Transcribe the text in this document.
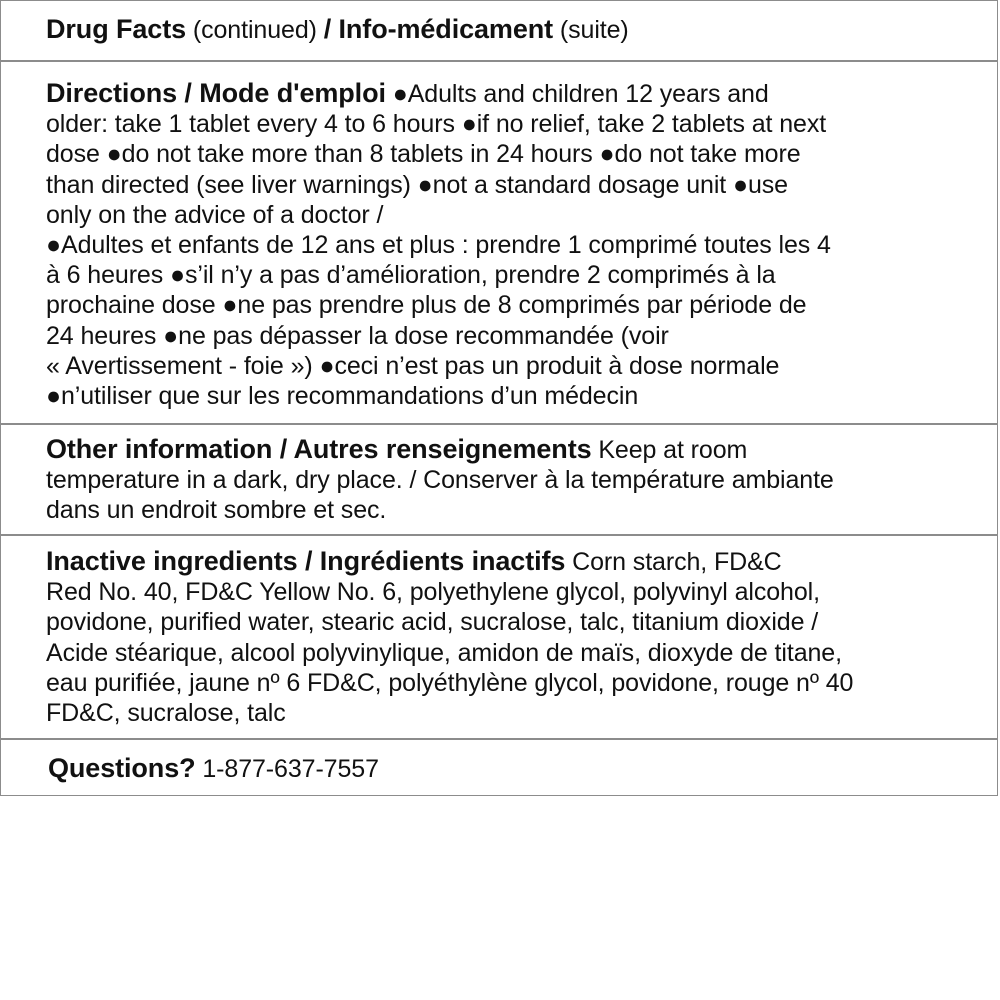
Drug Facts (continued) / Info-médicament (suite)
Directions / Mode d'emploi ●Adults and children 12 years and
older: take 1 tablet every 4 to 6 hours ●if no relief, take 2 tablets at next
dose ●do not take more than 8 tablets in 24 hours ●do not take more
than directed (see liver warnings) ●not a standard dosage unit ●use
only on the advice of a doctor /
●Adultes et enfants de 12 ans et plus : prendre 1 comprimé toutes les 4
à 6 heures ●s’il n’y a pas d’amélioration, prendre 2 comprimés à la
prochaine dose ●ne pas prendre plus de 8 comprimés par période de
24 heures ●ne pas dépasser la dose recommandée (voir
« Avertissement - foie ») ●ceci n’est pas un produit à dose normale
●n’utiliser que sur les recommandations d’un médecin
Other information / Autres renseignements Keep at room
temperature in a dark, dry place. / Conserver à la température ambiante
dans un endroit sombre et sec.
Inactive ingredients / Ingrédients inactifs Corn starch, FD&C
Red No. 40, FD&C Yellow No. 6, polyethylene glycol, polyvinyl alcohol,
povidone, purified water, stearic acid, sucralose, talc, titanium dioxide /
Acide stéarique, alcool polyvinylique, amidon de maïs, dioxyde de titane,
eau purifiée, jaune nº 6 FD&C, polyéthylène glycol, povidone, rouge nº 40
FD&C, sucralose, talc
Questions? 1-877-637-7557
